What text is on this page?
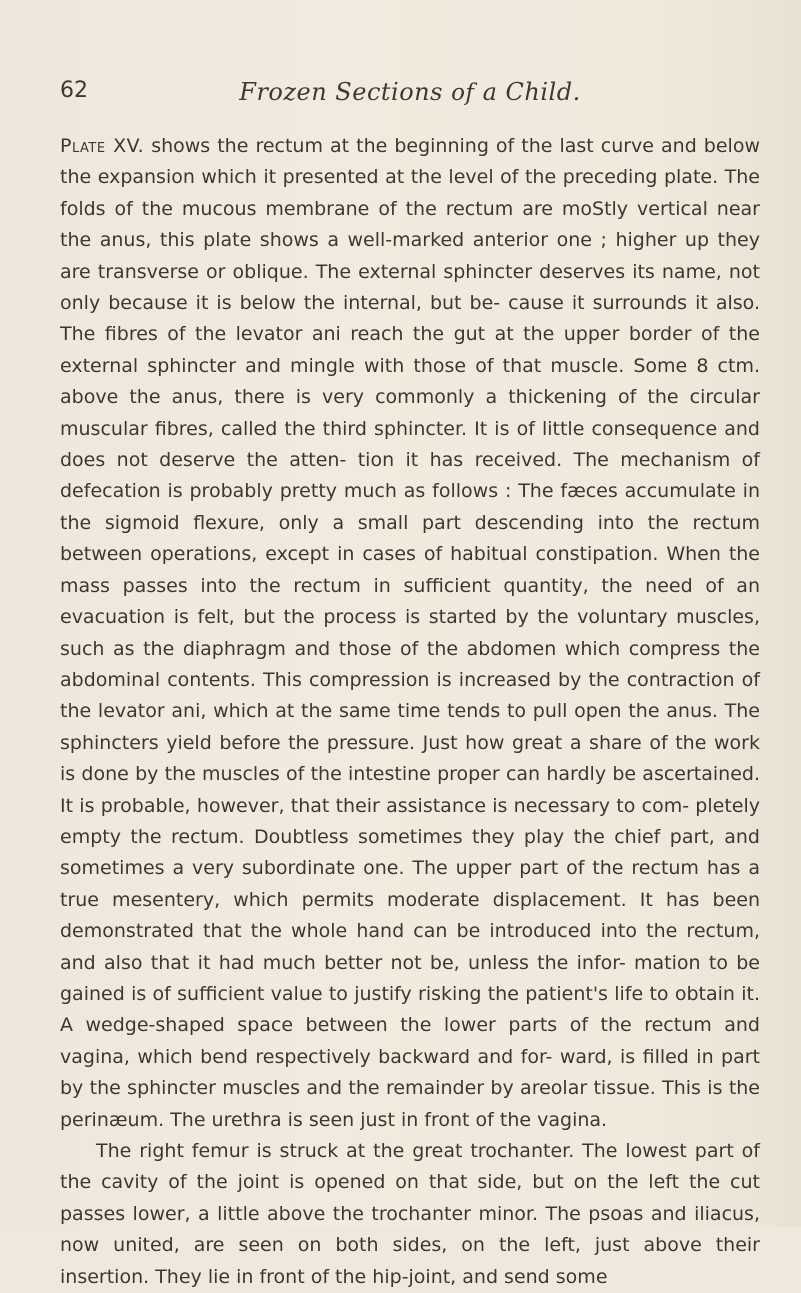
62	Frozen Sections of a Child.

Plate XV. shows the rectum at the beginning of the last curve and below the expansion which it presented at the level of the preceding plate. The folds of the mucous membrane of the rectum are moStly vertical near the anus, this plate shows a well-marked anterior one ; higher up they are transverse or oblique. The external sphincter deserves its name, not only because it is below the internal, but be- cause it surrounds it also. The fibres of the levator ani reach the gut at the upper border of the external sphincter and mingle with those of that muscle. Some 8 ctm. above the anus, there is very commonly a thickening of the circular muscular fibres, called the third sphincter. It is of little consequence and does not deserve the atten- tion it has received. The mechanism of defecation is probably pretty much as follows : The fæces accumulate in the sigmoid flexure, only a small part descending into the rectum between operations, except in cases of habitual constipation. When the mass passes into the rectum in sufficient quantity, the need of an evacuation is felt, but the process is started by the voluntary muscles, such as the diaphragm and those of the abdomen which compress the abdominal contents. This compression is increased by the contraction of the levator ani, which at the same time tends to pull open the anus. The sphincters yield before the pressure. Just how great a share of the work is done by the muscles of the intestine proper can hardly be ascertained. It is probable, however, that their assistance is necessary to com- pletely empty the rectum. Doubtless sometimes they play the chief part, and sometimes a very subordinate one. The upper part of the rectum has a true mesentery, which permits moderate displacement. It has been demonstrated that the whole hand can be introduced into the rectum, and also that it had much better not be, unless the infor- mation to be gained is of sufficient value to justify risking the patient's life to obtain it. A wedge-shaped space between the lower parts of the rectum and vagina, which bend respectively backward and for- ward, is filled in part by the sphincter muscles and the remainder by areolar tissue. This is the perinæum. The urethra is seen just in front of the vagina.

The right femur is struck at the great trochanter. The lowest part of the cavity of the joint is opened on that side, but on the left the cut passes lower, a little above the trochanter minor. The psoas and iliacus, now united, are seen on both sides, on the left, just above their insertion. They lie in front of the hip-joint, and send some
